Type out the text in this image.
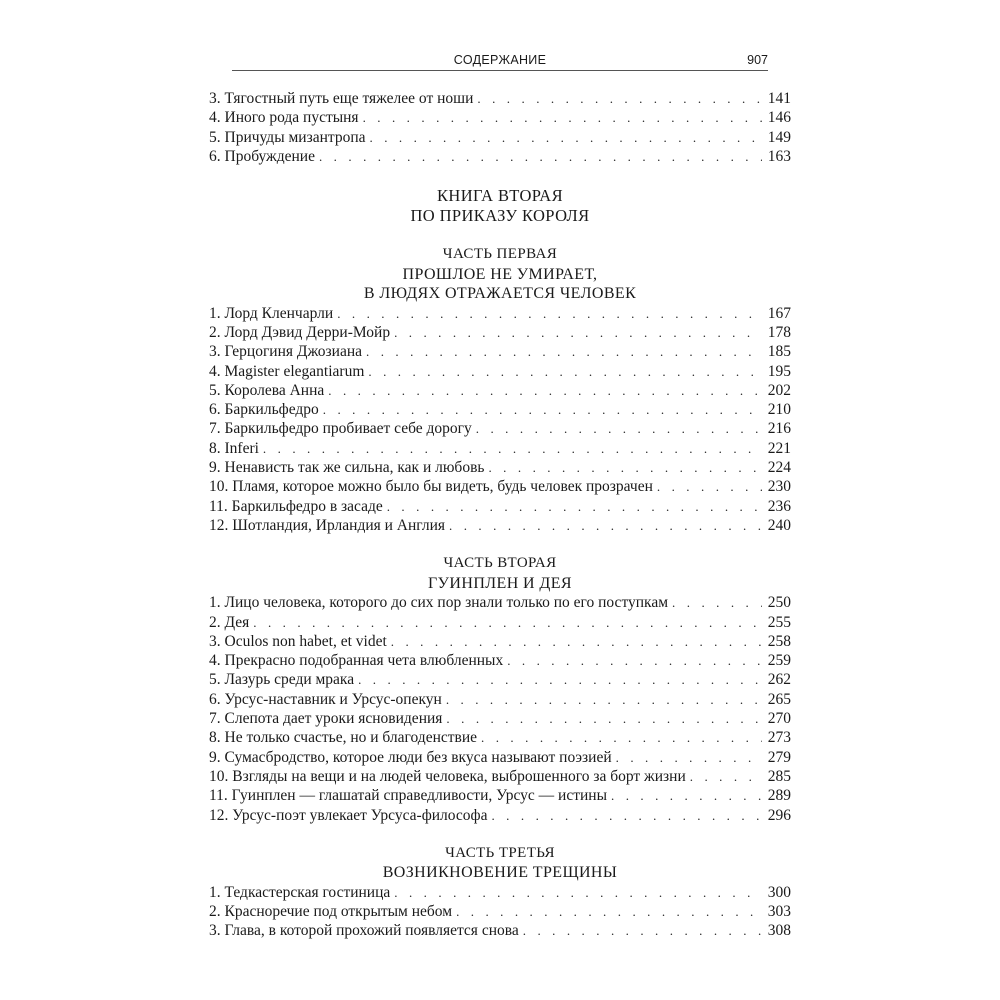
СОДЕРЖАНИЕ	907
3. Тягостный путь еще тяжелее от ноши . . .	141
4. Иного рода пустыня . . .	146
5. Причуды мизантропа . . .	149
6. Пробуждение . . .	163
КНИГА ВТОРАЯ
ПО ПРИКАЗУ КОРОЛЯ
ЧАСТЬ ПЕРВАЯ
ПРОШЛОЕ НЕ УМИРАЕТ,
В ЛЮДЯХ ОТРАЖАЕТСЯ ЧЕЛОВЕК
1. Лорд Кленчарли . . .	167
2. Лорд Дэвид Дерри-Мойр . . .	178
3. Герцогиня Джозиана . . .	185
4. Magister elegantiarum . . .	195
5. Королева Анна . . .	202
6. Баркильфедро . . .	210
7. Баркильфедро пробивает себе дорогу . . .	216
8. Inferi . . .	221
9. Ненависть так же сильна, как и любовь . . .	224
10. Пламя, которое можно было бы видеть, будь человек прозрачен . . .	230
11. Баркильфедро в засаде . . .	236
12. Шотландия, Ирландия и Англия . . .	240
ЧАСТЬ ВТОРАЯ
ГУИНПЛЕН И ДЕЯ
1. Лицо человека, которого до сих пор знали только по его поступкам . . .	250
2. Дея . . .	255
3. Oculos non habet, et videt . . .	258
4. Прекрасно подобранная чета влюбленных . . .	259
5. Лазурь среди мрака . . .	262
6. Урсус-наставник и Урсус-опекун . . .	265
7. Слепота дает уроки ясновидения . . .	270
8. Не только счастье, но и благоденствие . . .	273
9. Сумасбродство, которое люди без вкуса называют поэзией . . .	279
10. Взгляды на вещи и на людей человека, выброшенного за борт жизни . . .	285
11. Гуинплен — глашатай справедливости, Урсус — истины . . .	289
12. Урсус-поэт увлекает Урсуса-философа . . .	296
ЧАСТЬ ТРЕТЬЯ
ВОЗНИКНОВЕНИЕ ТРЕЩИНЫ
1. Тедкастерская гостиница . . .	300
2. Красноречие под открытым небом . . .	303
3. Глава, в которой прохожий появляется снова . . .	308
